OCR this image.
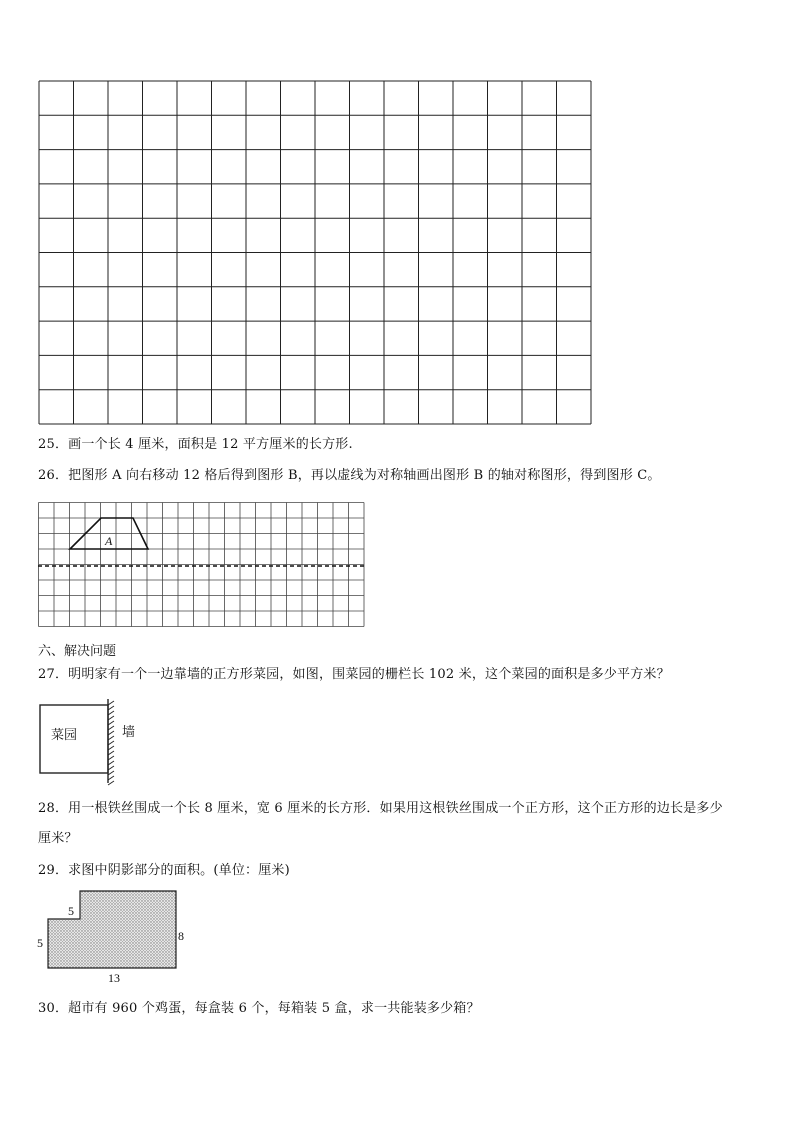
25．画一个长 4 厘米，面积是 12 平方厘米的长方形.
26．把图形 A 向右移动 12 格后得到图形 B，再以虚线为对称轴画出图形 B 的轴对称图形，得到图形 C。
A
六、解决问题
27．明明家有一个一边靠墙的正方形菜园，如图，围菜园的栅栏长 102 米，这个菜园的面积是多少平方米？
菜园	墙
28．用一根铁丝围成一个长 8 厘米，宽 6 厘米的长方形．如果用这根铁丝围成一个正方形，这个正方形的边长是多少
厘米？
29．求图中阴影部分的面积。(单位：厘米)
5
5	8
13
30．超市有 960 个鸡蛋，每盒装 6 个，每箱装 5 盒，求一共能装多少箱？
